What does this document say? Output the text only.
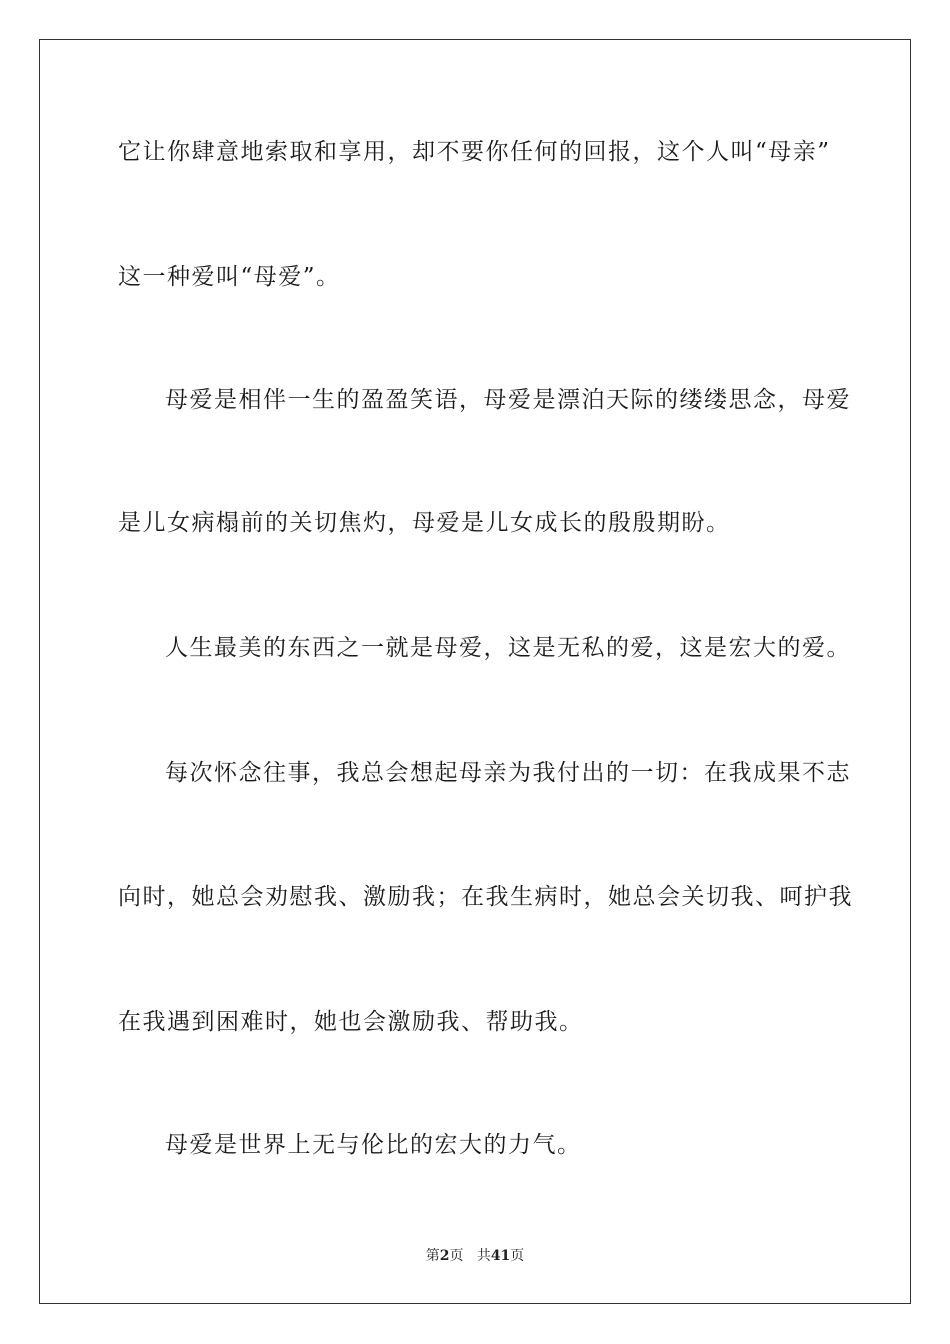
它让你肆意地索取和享用，却不要你任何的回报，这个人叫“母亲”
这一种爱叫“母爱”。
母爱是相伴一生的盈盈笑语，母爱是漂泊天际的缕缕思念，母爱
是儿女病榻前的关切焦灼，母爱是儿女成长的殷殷期盼。
人生最美的东西之一就是母爱，这是无私的爱，这是宏大的爱。
每次怀念往事，我总会想起母亲为我付出的一切：在我成果不志
向时，她总会劝慰我、激励我；在我生病时，她总会关切我、呵护我
在我遇到困难时，她也会激励我、帮助我。
母爱是世界上无与伦比的宏大的力气。
第2页 共41页
